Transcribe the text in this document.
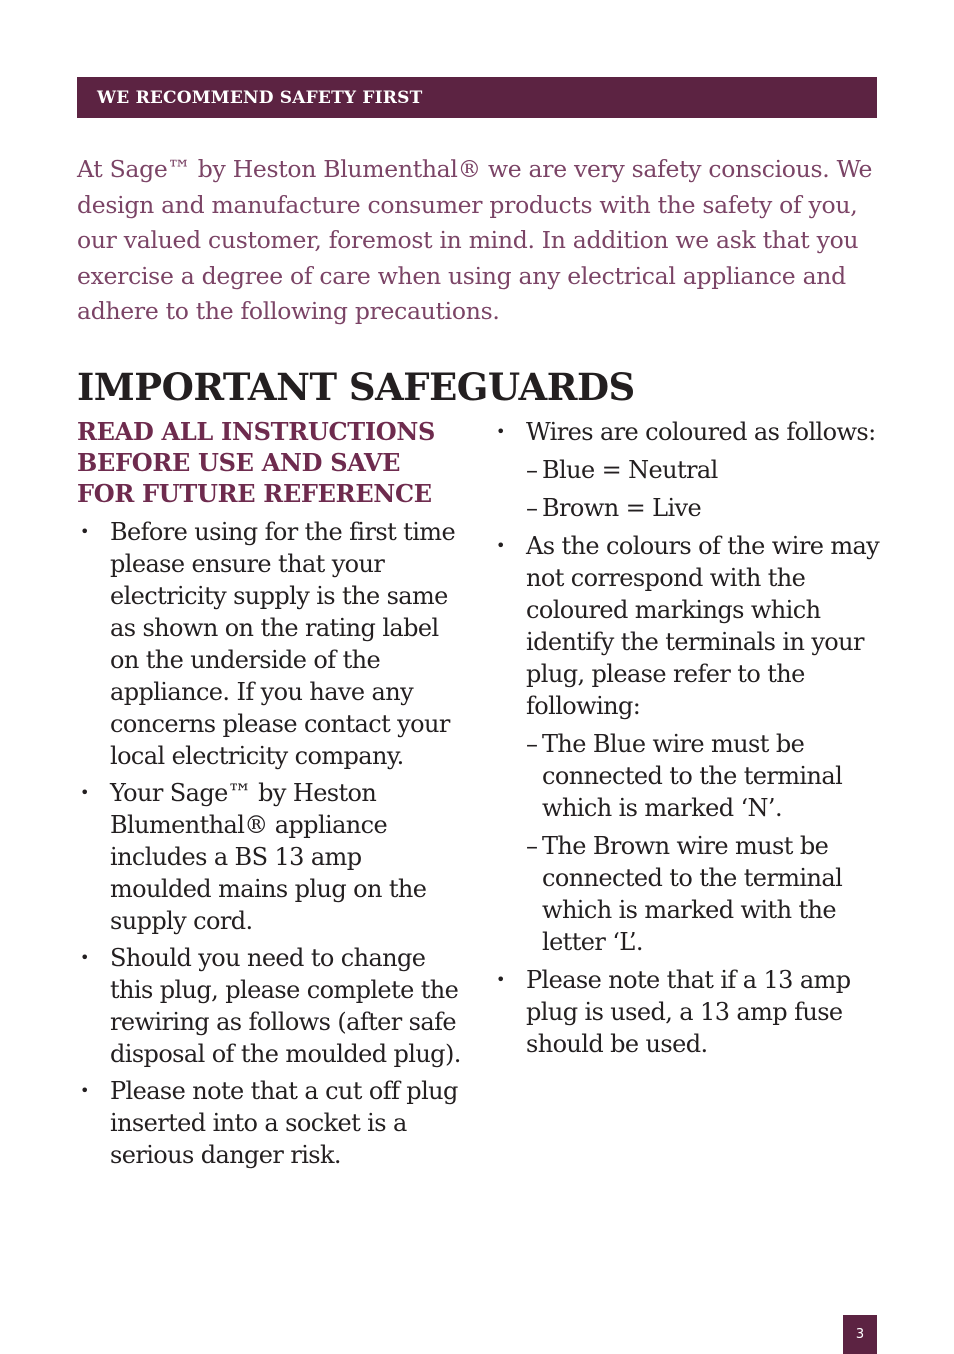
WE RECOMMEND SAFETY FIRST

At Sage™ by Heston Blumenthal® we are very safety conscious. We design and manufacture consumer products with the safety of you, our valued customer, foremost in mind. In addition we ask that you exercise a degree of care when using any electrical appliance and adhere to the following precautions.

IMPORTANT SAFEGUARDS
READ ALL INSTRUCTIONS
BEFORE USE AND SAVE
FOR FUTURE REFERENCE
• Before using for the first time please ensure that your electricity supply is the same as shown on the rating label on the underside of the appliance. If you have any concerns please contact your local electricity company.
• Your Sage™ by Heston Blumenthal® appliance includes a BS 13 amp moulded mains plug on the supply cord.
• Should you need to change this plug, please complete the rewiring as follows (after safe disposal of the moulded plug).
• Please note that a cut off plug inserted into a socket is a serious danger risk.
• Wires are coloured as follows:
– Blue = Neutral
– Brown = Live
• As the colours of the wire may not correspond with the coloured markings which identify the terminals in your plug, please refer to the following:
– The Blue wire must be connected to the terminal which is marked ‘N’.
– The Brown wire must be connected to the terminal which is marked with the letter ‘L’.
• Please note that if a 13 amp plug is used, a 13 amp fuse should be used.
3
